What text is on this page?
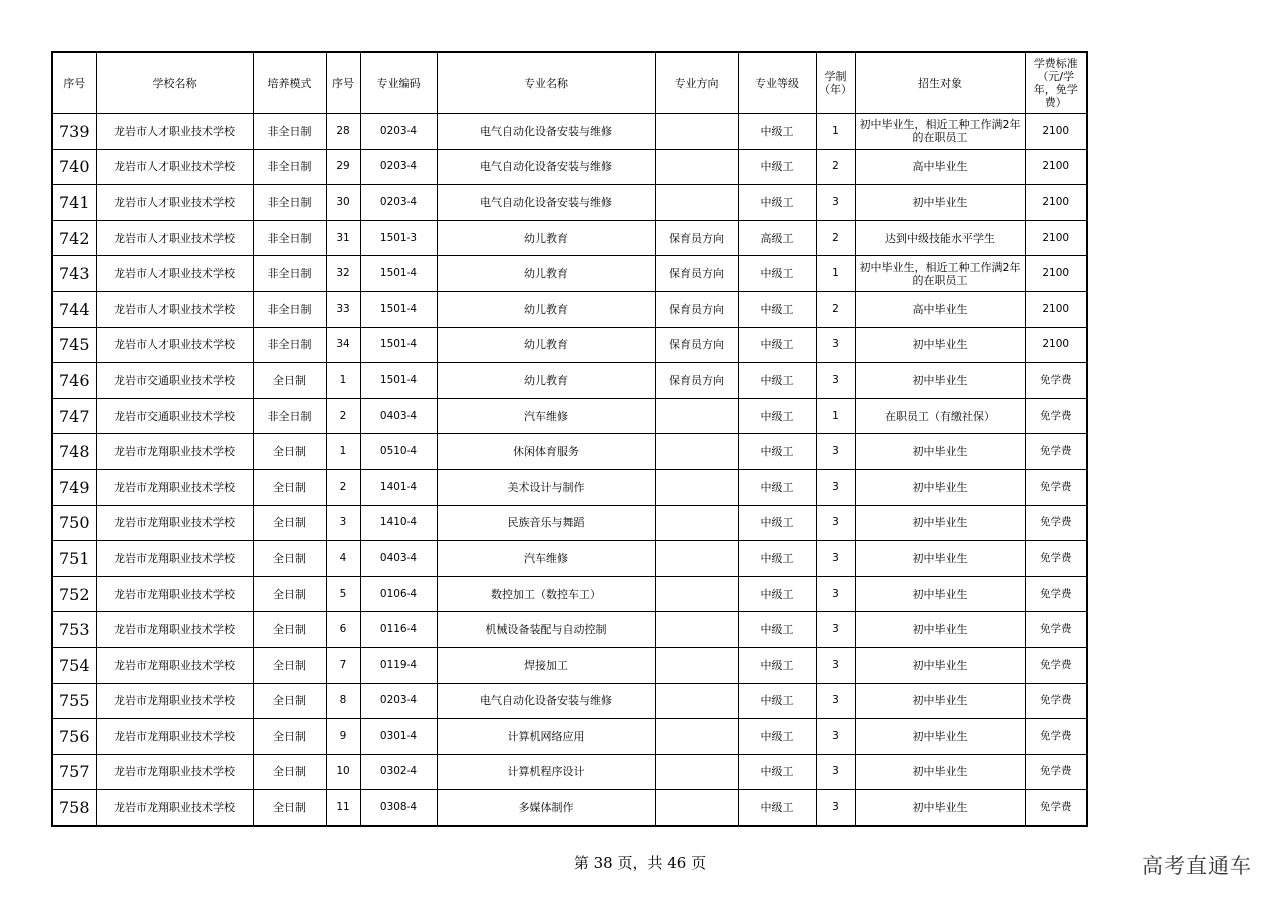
序号	学校名称	培养模式	序号	专业编码	专业名称	专业方向	专业等级	学制（年）	招生对象	学费标准（元/学年，免学费）
739	龙岩市人才职业技术学校	非全日制	28	0203-4	电气自动化设备安装与维修		中级工	1	初中毕业生，相近工种工作满2年的在职员工	2100
740	龙岩市人才职业技术学校	非全日制	29	0203-4	电气自动化设备安装与维修		中级工	2	高中毕业生	2100
741	龙岩市人才职业技术学校	非全日制	30	0203-4	电气自动化设备安装与维修		中级工	3	初中毕业生	2100
742	龙岩市人才职业技术学校	非全日制	31	1501-3	幼儿教育	保育员方向	高级工	2	达到中级技能水平学生	2100
743	龙岩市人才职业技术学校	非全日制	32	1501-4	幼儿教育	保育员方向	中级工	1	初中毕业生，相近工种工作满2年的在职员工	2100
744	龙岩市人才职业技术学校	非全日制	33	1501-4	幼儿教育	保育员方向	中级工	2	高中毕业生	2100
745	龙岩市人才职业技术学校	非全日制	34	1501-4	幼儿教育	保育员方向	中级工	3	初中毕业生	2100
746	龙岩市交通职业技术学校	全日制	1	1501-4	幼儿教育	保育员方向	中级工	3	初中毕业生	免学费
747	龙岩市交通职业技术学校	非全日制	2	0403-4	汽车维修		中级工	1	在职员工（有缴社保）	免学费
748	龙岩市龙翔职业技术学校	全日制	1	0510-4	休闲体育服务		中级工	3	初中毕业生	免学费
749	龙岩市龙翔职业技术学校	全日制	2	1401-4	美术设计与制作		中级工	3	初中毕业生	免学费
750	龙岩市龙翔职业技术学校	全日制	3	1410-4	民族音乐与舞蹈		中级工	3	初中毕业生	免学费
751	龙岩市龙翔职业技术学校	全日制	4	0403-4	汽车维修		中级工	3	初中毕业生	免学费
752	龙岩市龙翔职业技术学校	全日制	5	0106-4	数控加工（数控车工）		中级工	3	初中毕业生	免学费
753	龙岩市龙翔职业技术学校	全日制	6	0116-4	机械设备装配与自动控制		中级工	3	初中毕业生	免学费
754	龙岩市龙翔职业技术学校	全日制	7	0119-4	焊接加工		中级工	3	初中毕业生	免学费
755	龙岩市龙翔职业技术学校	全日制	8	0203-4	电气自动化设备安装与维修		中级工	3	初中毕业生	免学费
756	龙岩市龙翔职业技术学校	全日制	9	0301-4	计算机网络应用		中级工	3	初中毕业生	免学费
757	龙岩市龙翔职业技术学校	全日制	10	0302-4	计算机程序设计		中级工	3	初中毕业生	免学费
758	龙岩市龙翔职业技术学校	全日制	11	0308-4	多媒体制作		中级工	3	初中毕业生	免学费
第 38 页，共 46 页	高考直通车
